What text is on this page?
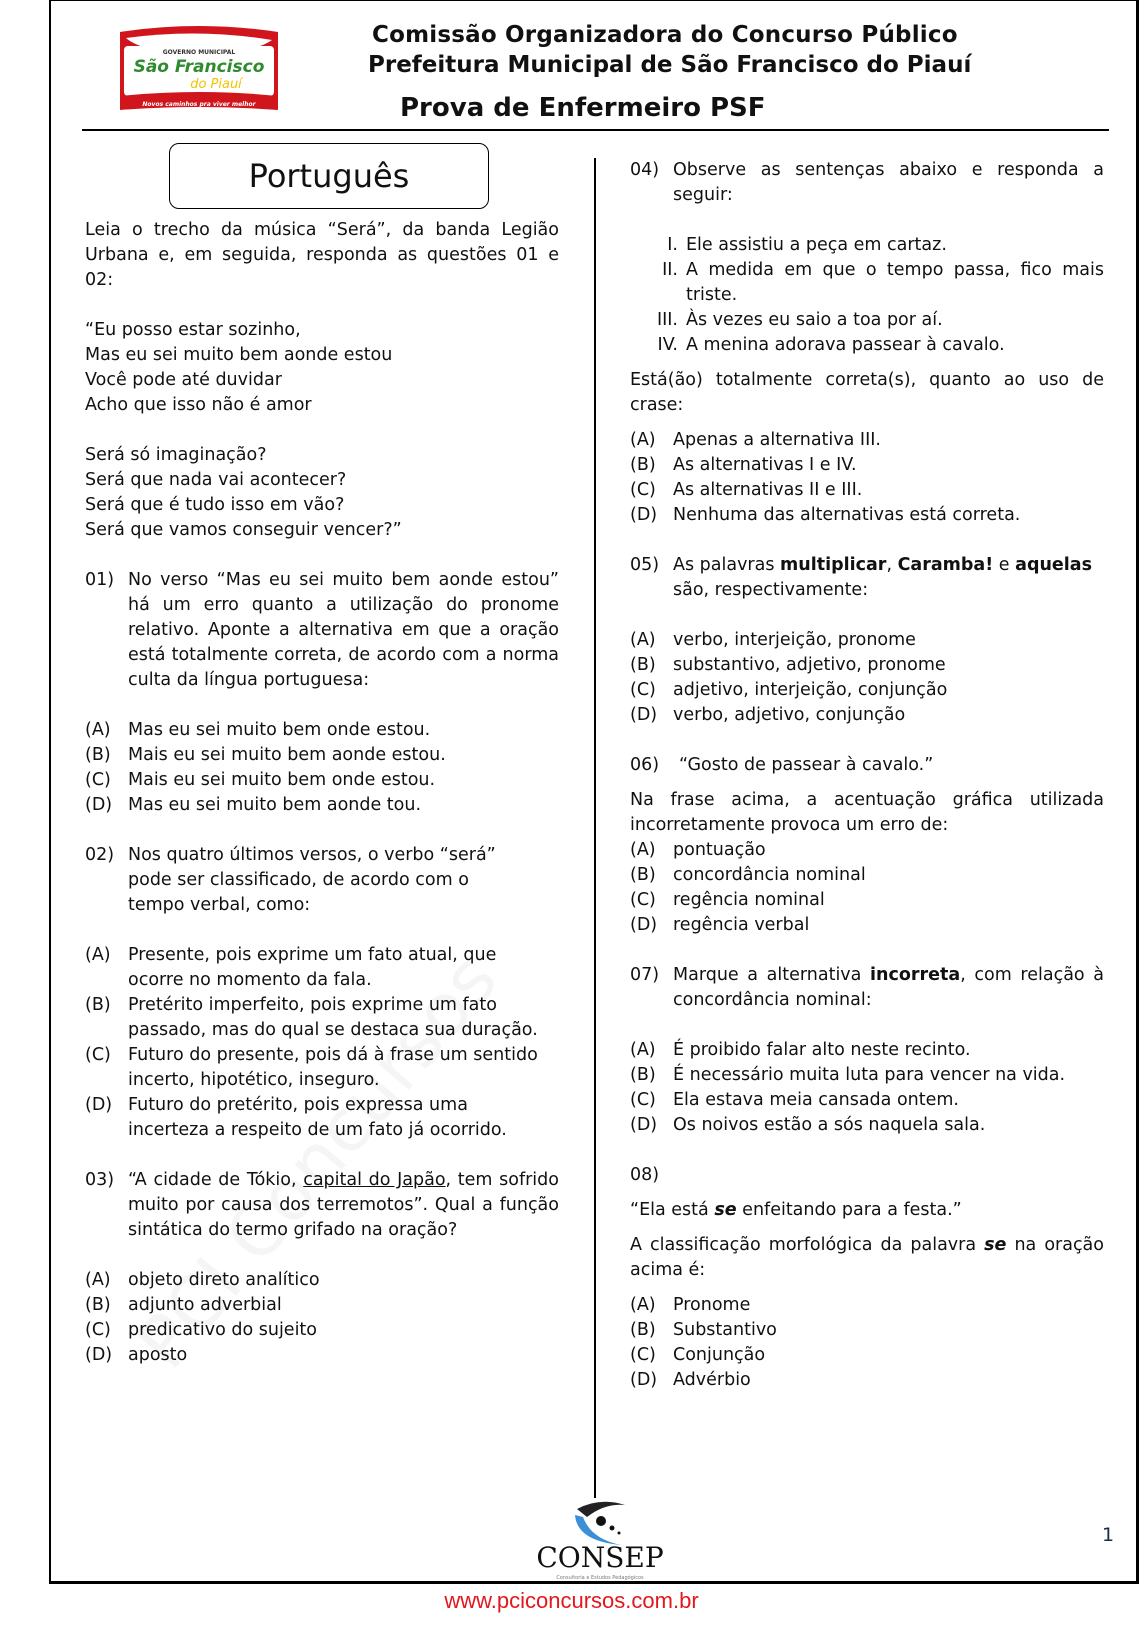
GOVERNO MUNICIPAL
São Francisco
do Piauí
Novos caminhos pra viver melhor
Comissão Organizadora do Concurso Público
Prefeitura Municipal de São Francisco do Piauí
Prova de Enfermeiro PSF
Português

Leia o trecho da música “Será”, da banda Legião Urbana e, em seguida, responda as questões 01 e 02:

“Eu posso estar sozinho,
Mas eu sei muito bem aonde estou
Você pode até duvidar
Acho que isso não é amor
Será só imaginação?
Será que nada vai acontecer?
Será que é tudo isso em vão?
Será que vamos conseguir vencer?”
01) No verso “Mas eu sei muito bem aonde estou” há um erro quanto a utilização do pronome relativo. Aponte a alternativa em que a oração está totalmente correta, de acordo com a norma culta da língua portuguesa:
(A) Mas eu sei muito bem onde estou.
(B) Mais eu sei muito bem aonde estou.
(C) Mais eu sei muito bem onde estou.
(D) Mas eu sei muito bem aonde tou.
02) Nos quatro últimos versos, o verbo “será” pode ser classificado, de acordo com o tempo verbal, como:
(A) Presente, pois exprime um fato atual, que ocorre no momento da fala.
(B) Pretérito imperfeito, pois exprime um fato passado, mas do qual se destaca sua duração.
(C) Futuro do presente, pois dá à frase um sentido incerto, hipotético, inseguro.
(D) Futuro do pretérito, pois expressa uma incerteza a respeito de um fato já ocorrido.
03) “A cidade de Tókio, capital do Japão, tem sofrido muito por causa dos terremotos”. Qual a função sintática do termo grifado na oração?
(A) objeto direto analítico
(B) adjunto adverbial
(C) predicativo do sujeito
(D) aposto
04) Observe as sentenças abaixo e responda a seguir:
I. Ele assistiu a peça em cartaz.
II. A medida em que o tempo passa, fico mais triste.
III. Às vezes eu saio a toa por aí.
IV. A menina adorava passear à cavalo.

Está(ão) totalmente correta(s), quanto ao uso de crase:

(A) Apenas a alternativa III.
(B) As alternativas I e IV.
(C) As alternativas II e III.
(D) Nenhuma das alternativas está correta.
05) As palavras multiplicar, Caramba! e aquelas são, respectivamente:
(A) verbo, interjeição, pronome
(B) substantivo, adjetivo, pronome
(C) adjetivo, interjeição, conjunção
(D) verbo, adjetivo, conjunção
06)	“Gosto de passear à cavalo.”

Na frase acima, a acentuação gráfica utilizada incorretamente provoca um erro de:

(A) pontuação
(B) concordância nominal
(C) regência nominal
(D) regência verbal
07) Marque a alternativa incorreta, com relação à concordância nominal:
(A) É proibido falar alto neste recinto.
(B) É necessário muita luta para vencer na vida.
(C) Ela estava meia cansada ontem.
(D) Os noivos estão a sós naquela sala.
08)

“Ela está se enfeitando para a festa.”

A classificação morfológica da palavra se na oração acima é:

(A) Pronome
(B) Substantivo
(C) Conjunção
(D) Advérbio
CONSEP
Consultoria e Estudos Pedagógicos
1
www.pciconcursos.com.br
